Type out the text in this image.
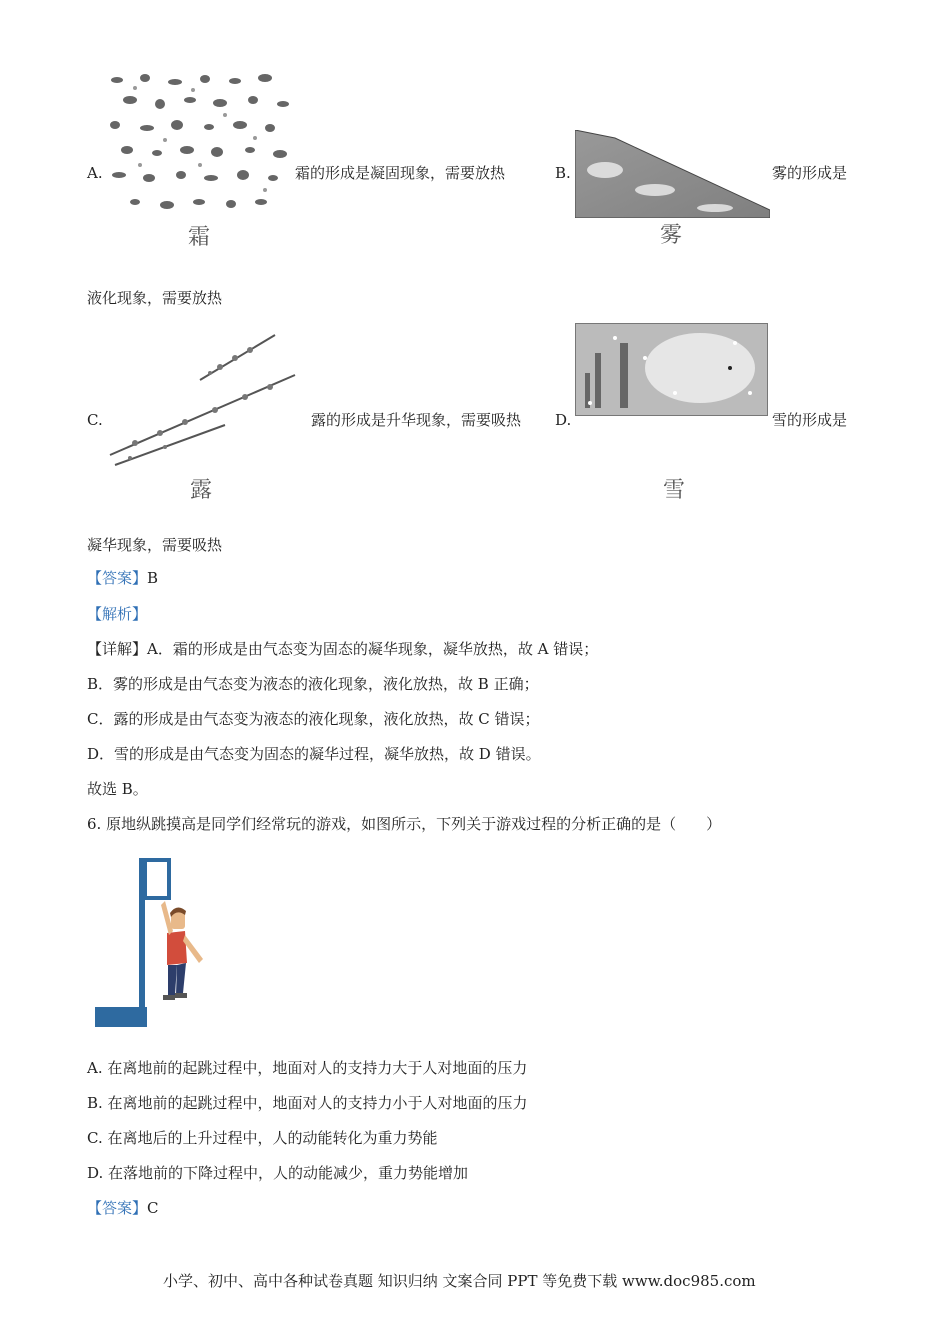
霜
A.	霜的形成是凝固现象，需要放热
雾
B.	雾的形成是
液化现象，需要放热
露
C.	露的形成是升华现象，需要吸热
雪
D.	雪的形成是
凝华现象，需要吸热
【答案】B
【解析】
【详解】A．霜的形成是由气态变为固态的凝华现象，凝华放热，故 A 错误；
B．雾的形成是由气态变为液态的液化现象，液化放热，故 B 正确；
C．露的形成是由气态变为液态的液化现象，液化放热，故 C 错误；
D．雪的形成是由气态变为固态的凝华过程，凝华放热，故 D 错误。
故选 B。
6. 原地纵跳摸高是同学们经常玩的游戏，如图所示，下列关于游戏过程的分析正确的是（　　）
A. 在离地前的起跳过程中，地面对人的支持力大于人对地面的压力
B. 在离地前的起跳过程中，地面对人的支持力小于人对地面的压力
C. 在离地后的上升过程中，人的动能转化为重力势能
D. 在落地前的下降过程中，人的动能减少，重力势能增加
【答案】C
小学、初中、高中各种试卷真题 知识归纳 文案合同 PPT 等免费下载 www.doc985.com
